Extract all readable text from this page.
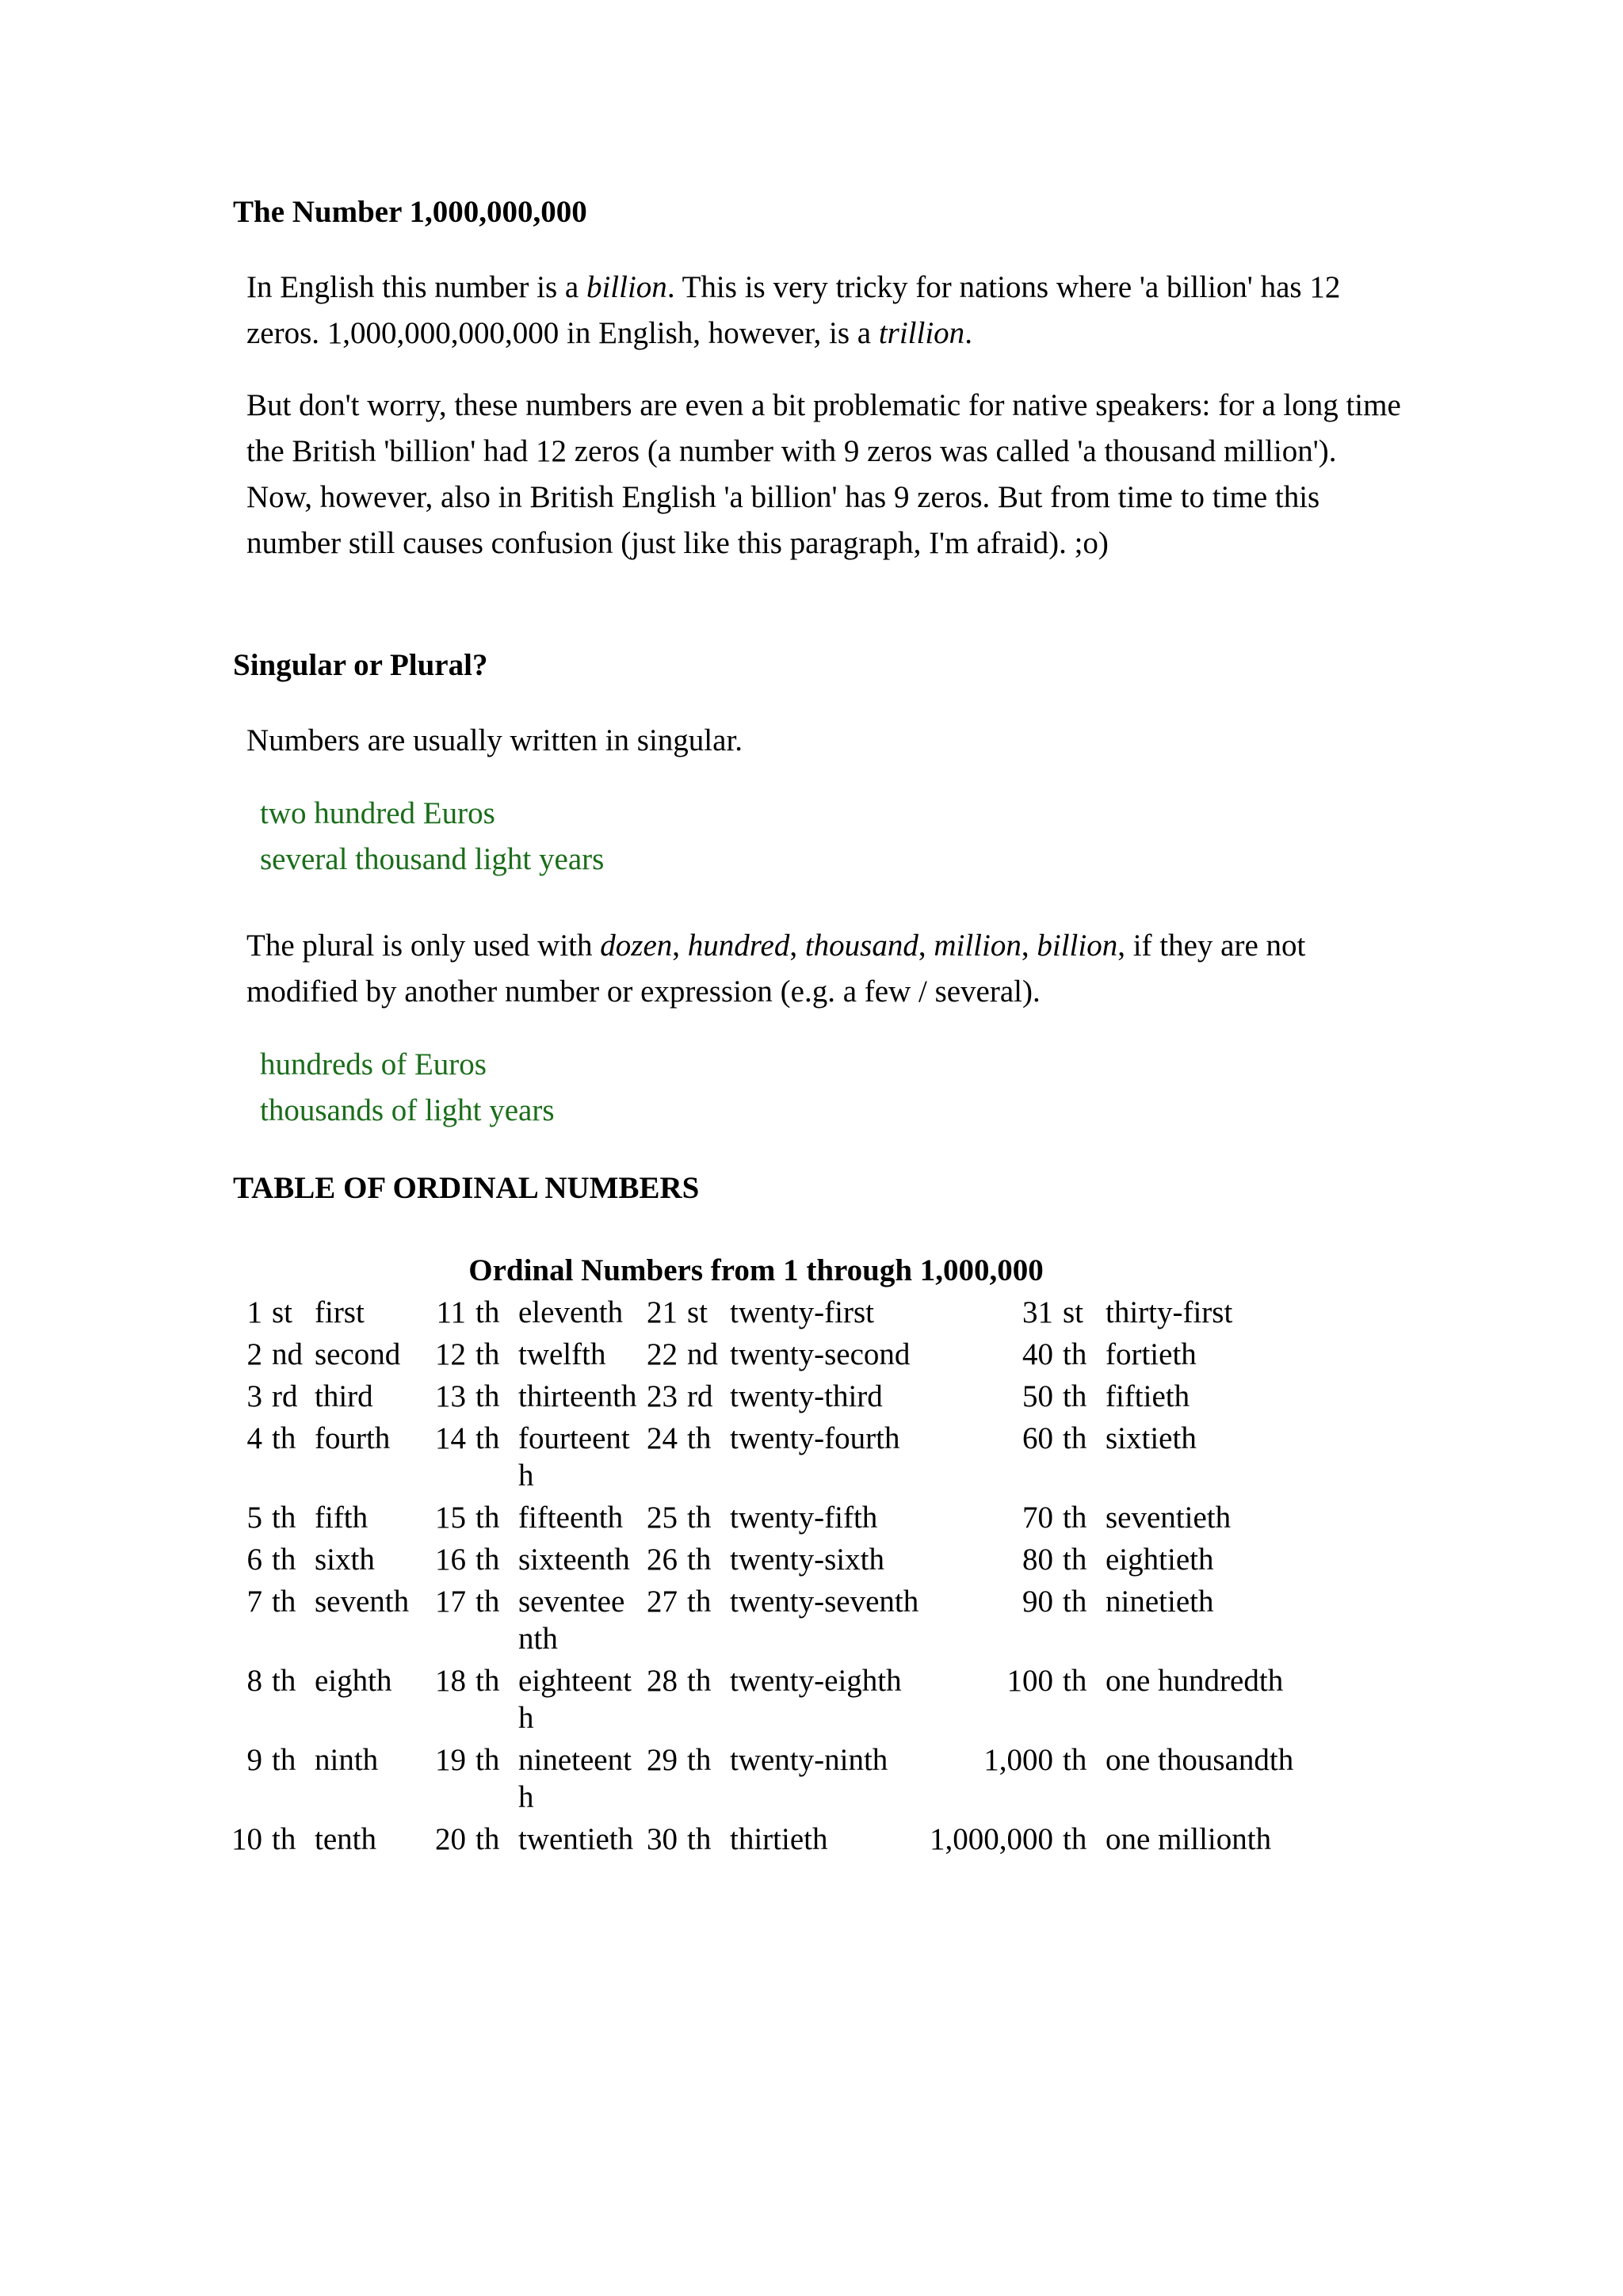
The Number 1,000,000,000

In English this number is a billion. This is very tricky for nations where 'a billion' has 12 zeros. 1,000,000,000,000 in English, however, is a trillion.

But don't worry, these numbers are even a bit problematic for native speakers: for a long time the British 'billion' had 12 zeros (a number with 9 zeros was called 'a thousand million'). Now, however, also in British English 'a billion' has 9 zeros. But from time to time this number still causes confusion (just like this paragraph, I'm afraid). ;o)

Singular or Plural?

Numbers are usually written in singular.

two hundred Euros
several thousand light years

The plural is only used with dozen, hundred, thousand, million, billion, if they are not modified by another number or expression (e.g. a few / several).

hundreds of Euros
thousands of light years
TABLE OF ORDINAL NUMBERS
Ordinal Numbers from 1 through 1,000,000
1	st	first	11	th	eleventh	21	st	twenty-first	31	st	thirty-first
2	nd	second	12	th	twelfth	22	nd	twenty-second	40	th	fortieth
3	rd	third	13	th	thirteenth	23	rd	twenty-third	50	th	fiftieth
4	th	fourth	14	th	fourteenth	24	th	twenty-fourth	60	th	sixtieth
5	th	fifth	15	th	fifteenth	25	th	twenty-fifth	70	th	seventieth
6	th	sixth	16	th	sixteenth	26	th	twenty-sixth	80	th	eightieth
7	th	seventh	17	th	seventeenth	27	th	twenty-seventh	90	th	ninetieth
8	th	eighth	18	th	eighteenth	28	th	twenty-eighth	100	th	one hundredth
9	th	ninth	19	th	nineteenth	29	th	twenty-ninth	1,000	th	one thousandth
10	th	tenth	20	th	twentieth	30	th	thirtieth	1,000,000	th	one millionth
